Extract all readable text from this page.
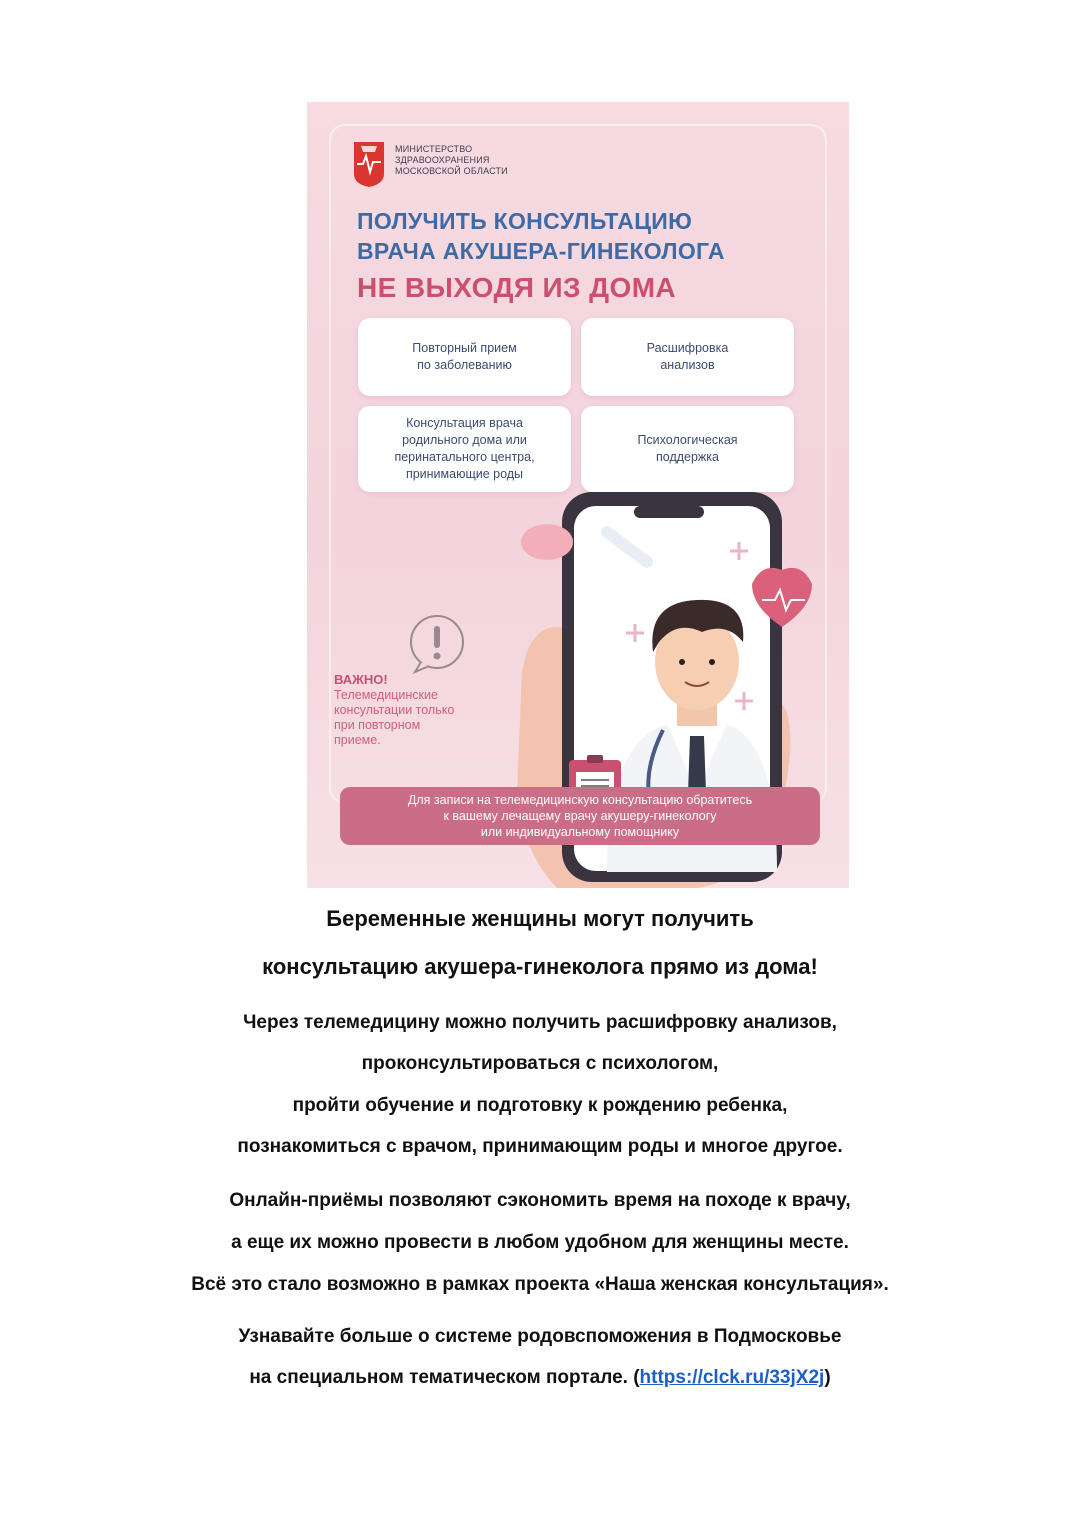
МИНИСТЕРСТВО
ЗДРАВООХРАНЕНИЯ
МОСКОВСКОЙ ОБЛАСТИ
ПОЛУЧИТЬ КОНСУЛЬТАЦИЮ
ВРАЧА АКУШЕРА-ГИНЕКОЛОГА
НЕ ВЫХОДЯ ИЗ ДОМА
Повторный прием
по заболеванию
Расшифровка
анализов
Консультация врача
родильного дома или
перинатального центра,
принимающие роды
Психологическая
поддержка
ВАЖНО!
Телемедицинские
консультации только
при повторном
приеме.
Для записи на телемедицинскую консультацию обратитесь
к вашему лечащему врачу акушеру-гинекологу
или индивидуальному помощнику
Беременные женщины могут получить
консультацию акушера-гинеколога прямо из дома!
Через телемедицину можно получить расшифровку анализов,
проконсультироваться с психологом,
пройти обучение и подготовку к рождению ребенка,
познакомиться с врачом, принимающим роды и многое другое.
Онлайн-приёмы позволяют сэкономить время на походе к врачу,
а еще их можно провести в любом удобном для женщины месте.
Всё это стало возможно в рамках проекта «Наша женская консультация».
Узнавайте больше о системе родовспоможения в Подмосковье
на специальном тематическом портале. (https://clck.ru/33jX2j)
